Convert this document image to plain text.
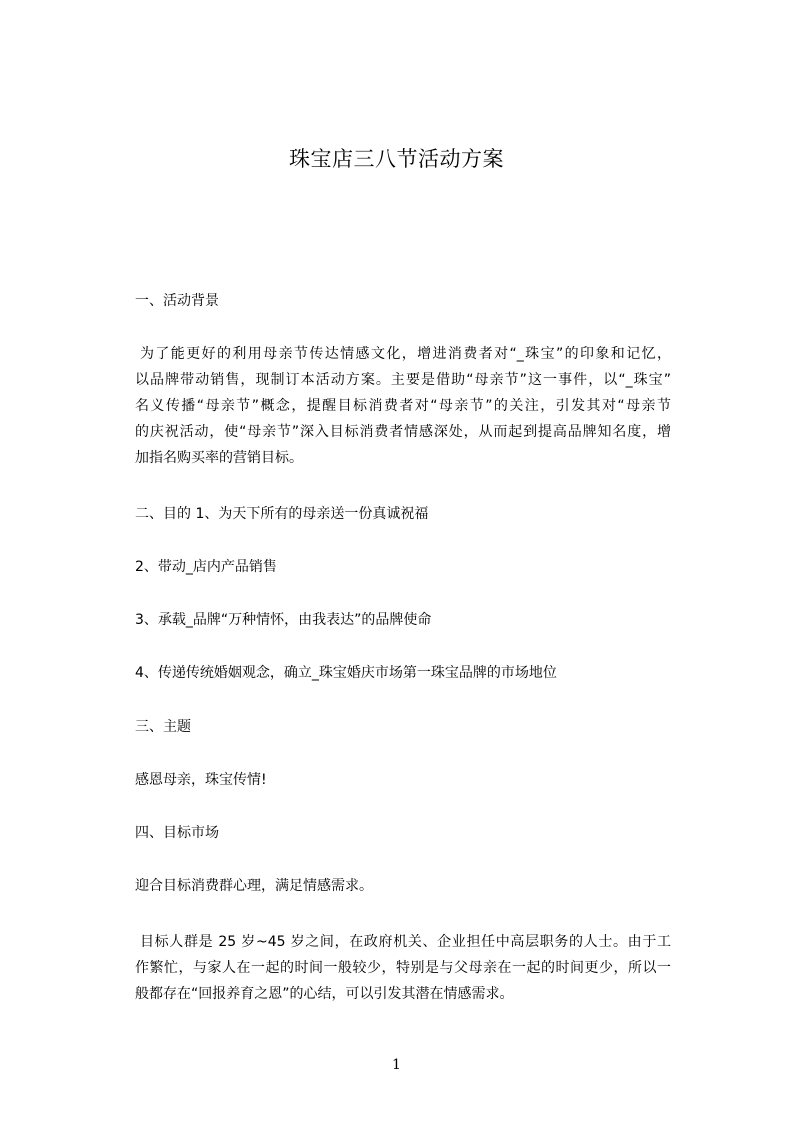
珠宝店三八节活动方案
一、活动背景
为了能更好的利用母亲节传达情感文化，增进消费者对“_珠宝”的印象和记忆，
以品牌带动销售，现制订本活动方案。主要是借助“母亲节”这一事件，以“_珠宝”
名义传播“母亲节”概念，提醒目标消费者对“母亲节”的关注，引发其对“母亲节
的庆祝活动，使“母亲节”深入目标消费者情感深处，从而起到提高品牌知名度，增
加指名购买率的营销目标。
二、目的 1、为天下所有的母亲送一份真诚祝福
2、带动_店内产品销售
3、承载_品牌“万种情怀，由我表达”的品牌使命
4、传递传统婚姻观念，确立_珠宝婚庆市场第一珠宝品牌的市场地位
三、主题
感恩母亲，珠宝传情!
四、目标市场
迎合目标消费群心理，满足情感需求。
目标人群是 25 岁~45 岁之间，在政府机关、企业担任中高层职务的人士。由于工
作繁忙，与家人在一起的时间一般较少，特别是与父母亲在一起的时间更少，所以一
般都存在“回报养育之恩”的心结，可以引发其潜在情感需求。
1
